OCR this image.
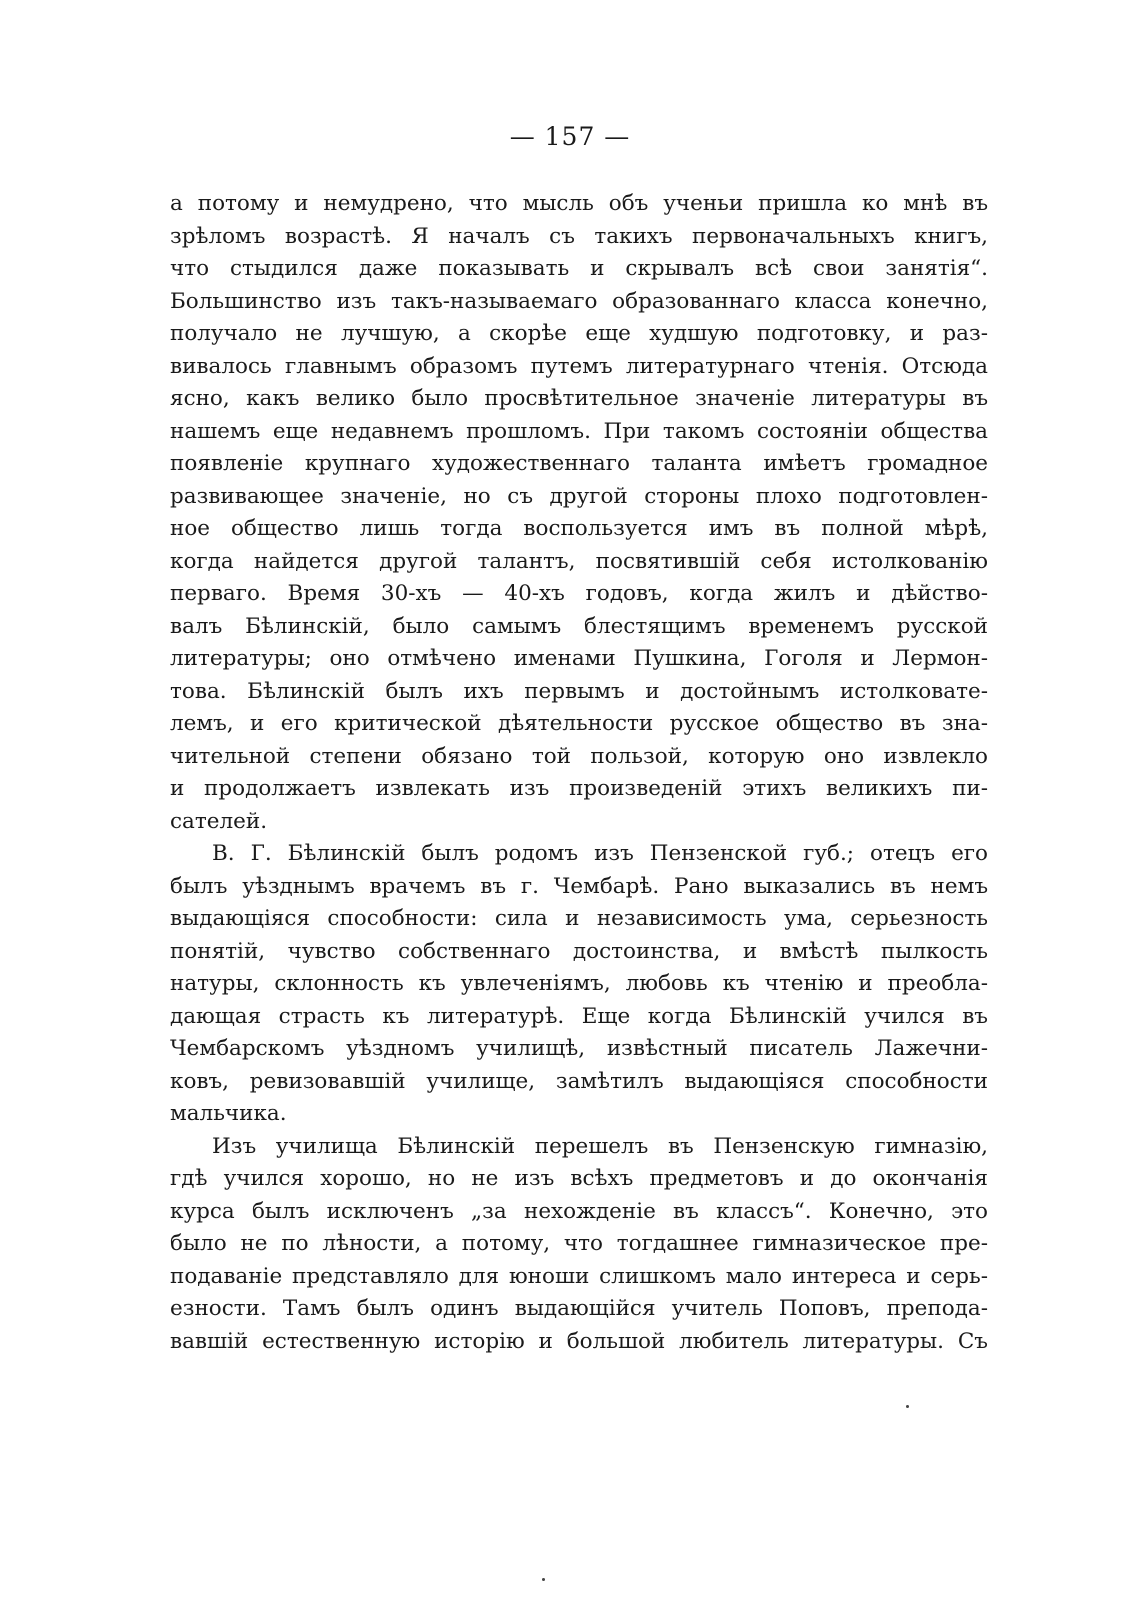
— 157 —
а потому и немудрено, что мысль объ ученьи пришла ко мнѣ въ
зрѣломъ возрастѣ. Я началъ съ такихъ первоначальныхъ книгъ,
что стыдился даже показывать и скрывалъ всѣ свои занятія“.
Большинство изъ такъ-называемаго образованнаго класса конечно,
получало не лучшую, а скорѣе еще худшую подготовку, и раз-
вивалось главнымъ образомъ путемъ литературнаго чтенія. Отсюда
ясно, какъ велико было просвѣтительное значеніе литературы въ
нашемъ еще недавнемъ прошломъ. При такомъ состояніи общества
появленіе крупнаго художественнаго таланта имѣетъ громадное
развивающее значеніе, но съ другой стороны плохо подготовлен-
ное общество лишь тогда воспользуется имъ въ полной мѣрѣ,
когда найдется другой талантъ, посвятившій себя истолкованію
перваго. Время 30-хъ — 40-хъ годовъ, когда жилъ и дѣйство-
валъ Бѣлинскій, было самымъ блестящимъ временемъ русской
литературы; оно отмѣчено именами Пушкина, Гоголя и Лермон-
това. Бѣлинскій былъ ихъ первымъ и достойнымъ истолковате-
лемъ, и его критической дѣятельности русское общество въ зна-
чительной степени обязано той пользой, которую оно извлекло
и продолжаетъ извлекать изъ произведеній этихъ великихъ пи-
сателей.
В. Г. Бѣлинскій былъ родомъ изъ Пензенской губ.; отецъ его
былъ уѣзднымъ врачемъ въ г. Чембарѣ. Рано выказались въ немъ
выдающіяся способности: сила и независимость ума, серьезность
понятій, чувство собственнаго достоинства, и вмѣстѣ пылкость
натуры, склонность къ увлеченіямъ, любовь къ чтенію и преобла-
дающая страсть къ литературѣ. Еще когда Бѣлинскій учился въ
Чембарскомъ уѣздномъ училищѣ, извѣстный писатель Лажечни-
ковъ, ревизовавшій училище, замѣтилъ выдающіяся способности
мальчика.
Изъ училища Бѣлинскій перешелъ въ Пензенскую гимназію,
гдѣ учился хорошо, но не изъ всѣхъ предметовъ и до окончанія
курса былъ исключенъ „за нехожденіе въ классъ“. Конечно, это
было не по лѣности, а потому, что тогдашнее гимназическое пре-
подаваніе представляло для юноши слишкомъ мало интереса и серь-
езности. Тамъ былъ одинъ выдающійся учитель Поповъ, препода-
вавшій естественную исторію и большой любитель литературы. Съ
